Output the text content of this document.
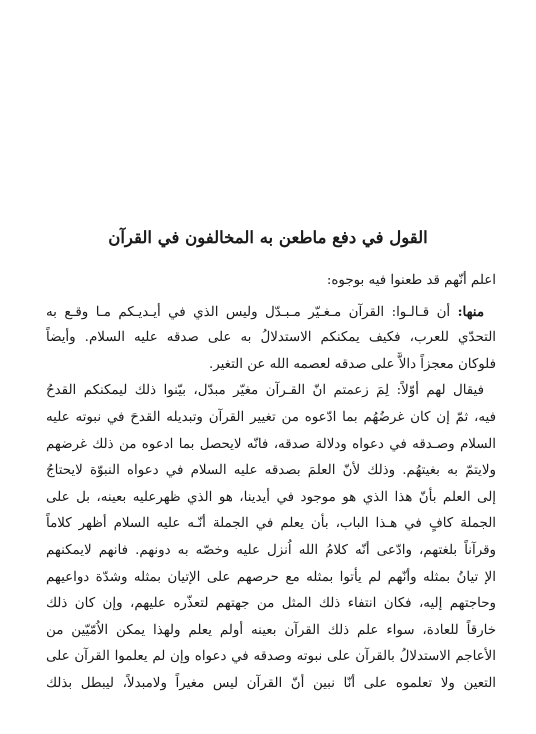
القول في دفع ماطعن به المخالفون في القرآن
اعلم أنّهم قد طعنوا فيه بوجوه:
منها: أن قـالـوا: القرآن مـغـيّر مـبـدّل وليس الذي في أيـديـكم مـا وقـع به
التحدّي للعرب، فكيف يمكنكم الاستدلالُ به على صدقه عليه السلام. وأيضاً
فلوكان معجزاً دالاًّ على صدقه لعصمه الله عن التغير.
فيقال لهم أوّلاً: لِمَ زعمتم انّ القـرآن مغيّر مبدّل، بيّنوا ذلك ليمكنكم القدحُ
فيه، ثمّ إن كان غرضُهُم بما ادّعوه من تغيير القرآن وتبديله القدحَ في نبوته عليه
السلام وصـدقه في دعواه ودلالة صدقه، فانّه لايحصل بما ادعوه من ذلك غرضهم
ولايتمّ به بغيتهُم. وذلك لأنّ العلمَ بصدقه عليه السلام في دعواه النبوّة لايحتاجُ
إلى العلم بأنّ هذا الذي هو موجود في أيدينا، هو الذي ظهرعليه بعينه، بل على
الجملة كافٍ في هـذا الباب، بأن يعلم في الجملة أنّـه عليه السلام أظهر كلاماً
وقرآناً بلغتهم، وادّعى أنّه كلامُ الله اُنزل عليه وخصّه به دونهم. فانهم لايمكنهم
الإ تيانُ بمثله وأنّهم لم يأتوا بمثله مع حرصهم على الإتيان بمثله وشدّة دواعيهم
وحاجتهم إليه، فكان انتفاء ذلك المثل من جهتهم لتعذّره عليهم، وإن كان ذلك
خارقاً للعادة، سواء علم ذلك القرآن بعينه أولم يعلم ولهذا يمكن الاُمّيّين من
الأعاجم الاستدلالُ بالقرآن على نبوته وصدقه في دعواه وإن لم يعلموا القرآن على
التعين ولا تعلموه على أنّا نبين أنّ القرآن ليس مغيراً ولامبدلاً، ليبطل بذلك
